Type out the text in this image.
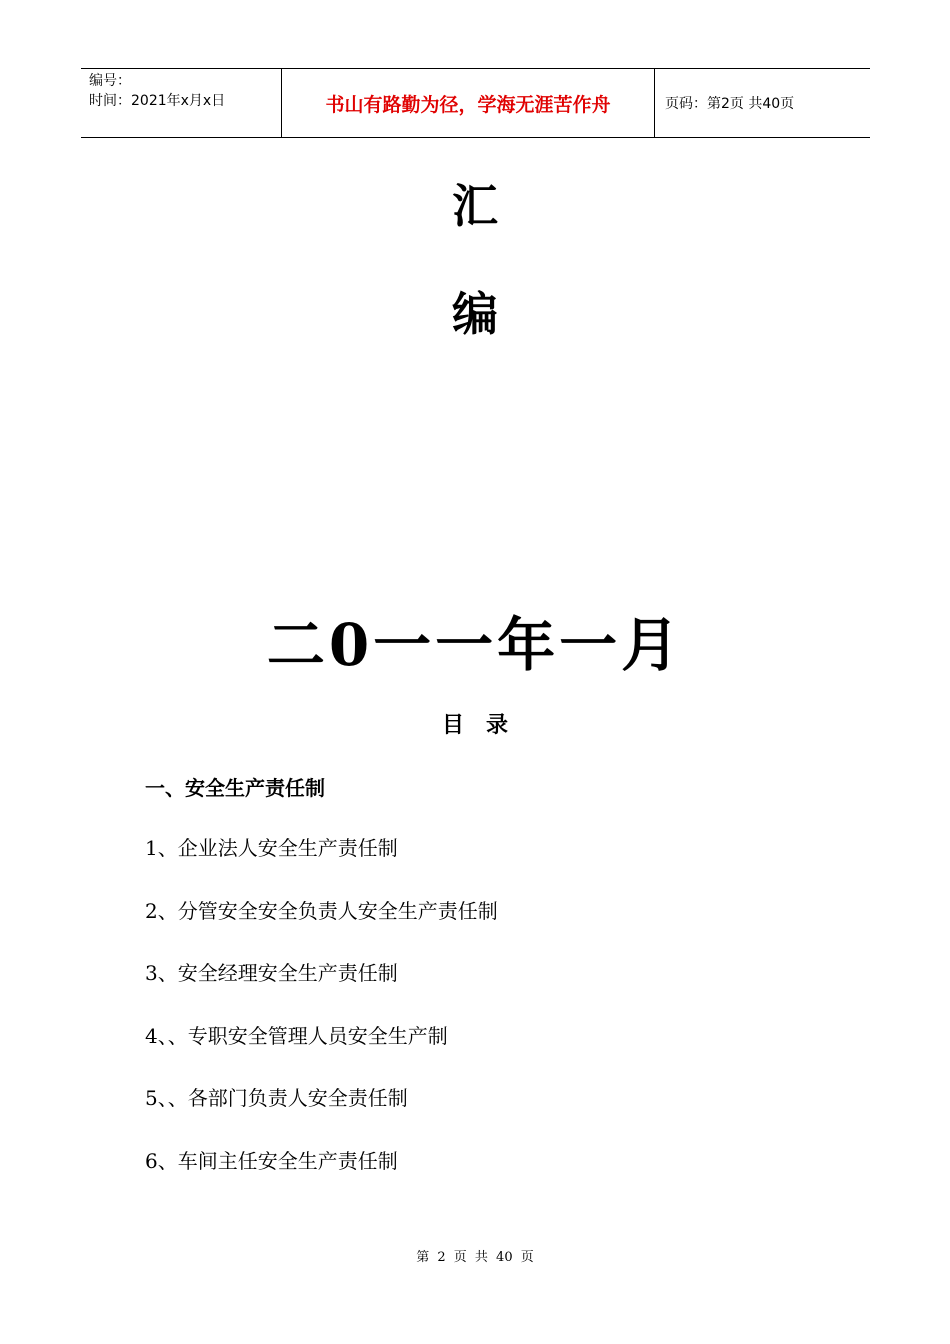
编号：
时间：2021年x月x日	书山有路勤为径，学海无涯苦作舟	页码：第2页 共40页
汇
编
二0一一年一月
目录
一、安全生产责任制
1、企业法人安全生产责任制
2、分管安全安全负责人安全生产责任制
3、安全经理安全生产责任制
4、、专职安全管理人员安全生产制
5、、各部门负责人安全责任制
6、车间主任安全生产责任制
第 2 页 共 40 页
